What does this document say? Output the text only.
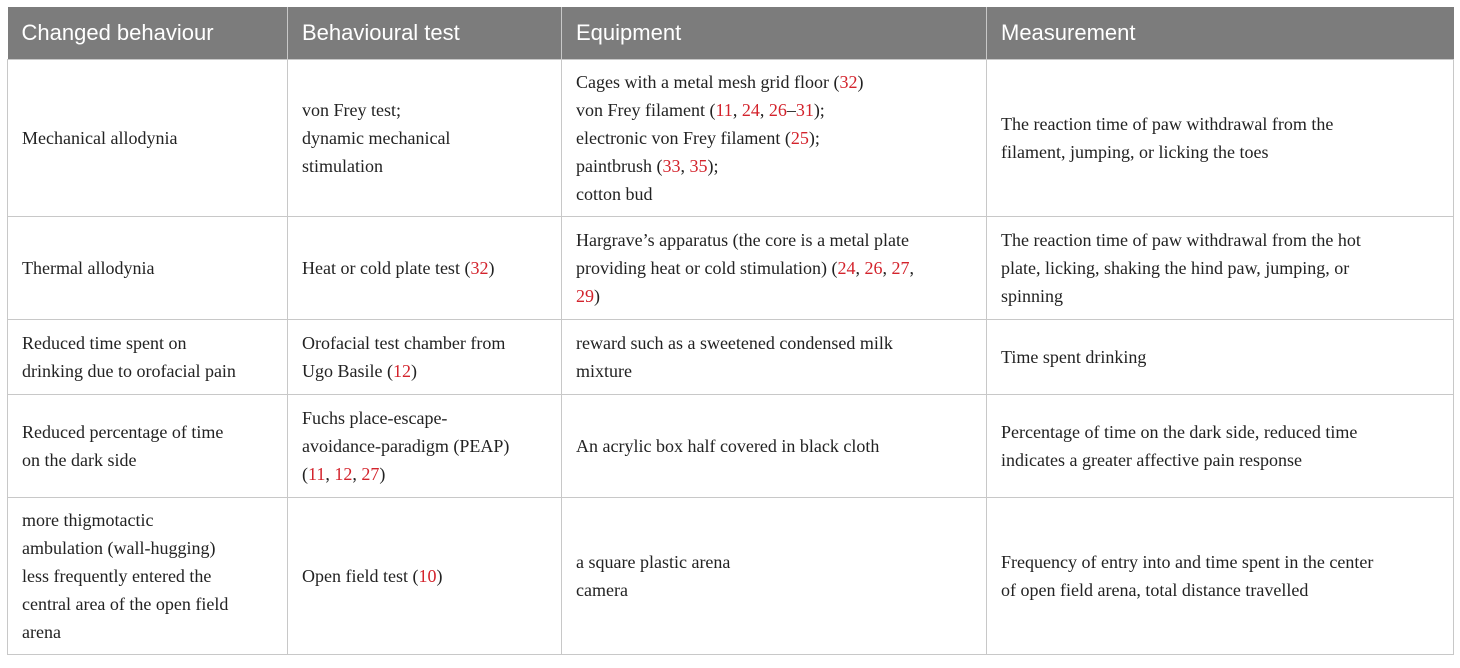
Changed behaviour	Behavioural test	Equipment	Measurement

Mechanical allodynia	von Frey test;
dynamic mechanical
stimulation	Cages with a metal mesh grid floor (32)
von Frey filament (11, 24, 26–31);
electronic von Frey filament (25);
paintbrush (33, 35);
cotton bud	The reaction time of paw withdrawal from the
filament, jumping, or licking the toes

Thermal allodynia	Heat or cold plate test (32)	Hargrave’s apparatus (the core is a metal plate
providing heat or cold stimulation) (24, 26, 27,
29)	The reaction time of paw withdrawal from the hot
plate, licking, shaking the hind paw, jumping, or
spinning

Reduced time spent on
drinking due to orofacial pain	Orofacial test chamber from
Ugo Basile (12)	reward such as a sweetened condensed milk
mixture	Time spent drinking

Reduced percentage of time
on the dark side	Fuchs place-escape-
avoidance-paradigm (PEAP)
(11, 12, 27)	An acrylic box half covered in black cloth	Percentage of time on the dark side, reduced time
indicates a greater affective pain response

more thigmotactic
ambulation (wall-hugging)
less frequently entered the
central area of the open field
arena	Open field test (10)	a square plastic arena
camera	Frequency of entry into and time spent in the center
of open field arena, total distance travelled
